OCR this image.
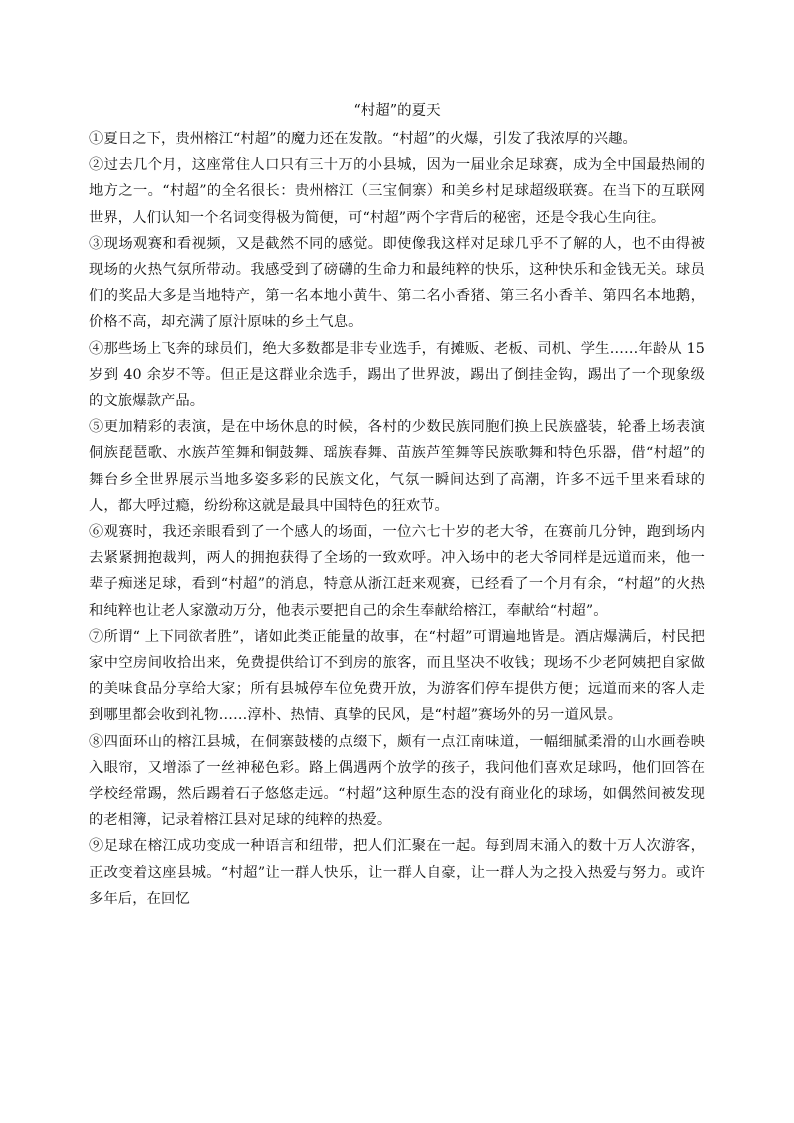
“村超”的夏天

①夏日之下，贵州榕江“村超”的魔力还在发散。“村超”的火爆，引发了我浓厚的兴趣。

②过去几个月，这座常住人口只有三十万的小县城，因为一届业余足球赛，成为全中国最热闹的地方之一。“村超”的全名很长：贵州榕江（三宝侗寨）和美乡村足球超级联赛。在当下的互联网世界，人们认知一个名词变得极为简便，可“村超”两个字背后的秘密，还是令我心生向往。

③现场观赛和看视频，又是截然不同的感觉。即使像我这样对足球几乎不了解的人，也不由得被现场的火热气氛所带动。我感受到了磅礴的生命力和最纯粹的快乐，这种快乐和金钱无关。球员们的奖品大多是当地特产，第一名本地小黄牛、第二名小香猪、第三名小香羊、第四名本地鹅，价格不高，却充满了原汁原味的乡土气息。

④那些场上飞奔的球员们，绝大多数都是非专业选手，有摊贩、老板、司机、学生……年龄从 15 岁到 40 余岁不等。但正是这群业余选手，踢出了世界波，踢出了倒挂金钩，踢出了一个现象级的文旅爆款产品。

⑤更加精彩的表演，是在中场休息的时候，各村的少数民族同胞们换上民族盛装，轮番上场表演侗族琵琶歌、水族芦笙舞和铜鼓舞、瑶族春舞、苗族芦笙舞等民族歌舞和特色乐器，借“村超”的舞台乡全世界展示当地多姿多彩的民族文化，气氛一瞬间达到了高潮，许多不远千里来看球的人，都大呼过瘾，纷纷称这就是最具中国特色的狂欢节。

⑥观赛时，我还亲眼看到了一个感人的场面，一位六七十岁的老大爷，在赛前几分钟，跑到场内去紧紧拥抱裁判，两人的拥抱获得了全场的一致欢呼。冲入场中的老大爷同样是远道而来，他一辈子痴迷足球，看到“村超”的消息，特意从浙江赶来观赛，已经看了一个月有余，“村超”的火热和纯粹也让老人家激动万分，他表示要把自己的余生奉献给榕江，奉献给“村超”。

⑦所谓“ 上下同欲者胜”，诸如此类正能量的故事，在“村超”可谓遍地皆是。酒店爆满后，村民把家中空房间收拾出来，免费提供给订不到房的旅客，而且坚决不收钱；现场不少老阿姨把自家做的美味食品分享给大家；所有县城停车位免费开放，为游客们停车提供方便；远道而来的客人走到哪里都会收到礼物……淳朴、热情、真挚的民风，是“村超”赛场外的另一道风景。

⑧四面环山的榕江县城，在侗寨鼓楼的点缀下，颇有一点江南味道，一幅细腻柔滑的山水画卷映入眼帘，又增添了一丝神秘色彩。路上偶遇两个放学的孩子，我问他们喜欢足球吗，他们回答在学校经常踢，然后踢着石子悠悠走远。“村超”这种原生态的没有商业化的球场，如偶然间被发现的老相簿，记录着榕江县对足球的纯粹的热爱。

⑨足球在榕江成功变成一种语言和纽带，把人们汇聚在一起。每到周末涌入的数十万人次游客，正改变着这座县城。“村超”让一群人快乐，让一群人自豪，让一群人为之投入热爱与努力。或许多年后，在回忆
